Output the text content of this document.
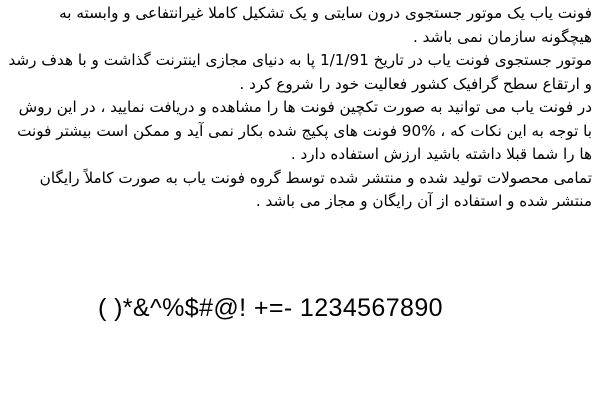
فونت یاب یک موتور جستجوی درون سایتی و یک تشکیل کاملا غیرانتفاعی و وابسته به هیچگونه سازمان نمی باشد .

موتور جستجوی فونت یاب در تاریخ 1/1/91 پا به دنیای مجازی اینترنت گذاشت و با هدف رشد و ارتقاع سطح گرافیک کشور فعالیت خود را شروع کرد .

در فونت یاب می توانید به صورت تکچین فونت ها را مشاهده و دریافت نمایید ، در این روش با توجه به این نکات که ، %90 فونت های پکیج شده بکار نمی آید و ممکن است بیشتر فونت ها را شما قبلا داشته باشید ارزش استفاده دارد .

تمامی محصولات تولید شده و منتشر شده توسط گروه فونت یاب به صورت کاملاً رایگان منتشر شده و استفاده از آن رایگان و مجاز می باشد .

( )*&^%$#@! +=- 1234567890
